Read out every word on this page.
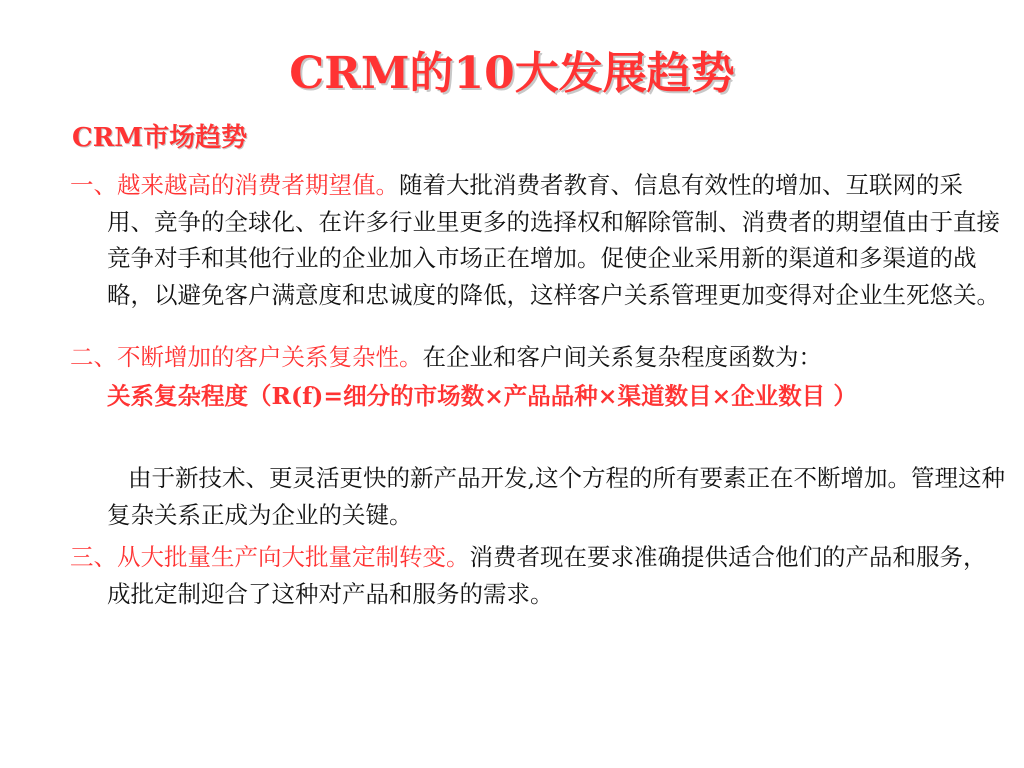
CRM的10大发展趋势
CRM市场趋势

一、越来越高的消费者期望值。随着大批消费者教育、信息有效性的增加、互联网的采用、竞争的全球化、在许多行业里更多的选择权和解除管制、消费者的期望值由于直接竞争对手和其他行业的企业加入市场正在增加。促使企业采用新的渠道和多渠道的战略，以避免客户满意度和忠诚度的降低，这样客户关系管理更加变得对企业生死悠关。

二、不断增加的客户关系复杂性。在企业和客户间关系复杂程度函数为：

关系复杂程度（R(f)=细分的市场数×产品品种×渠道数目×企业数目 ）

由于新技术、更灵活更快的新产品开发,这个方程的所有要素正在不断增加。管理这种复杂关系正成为企业的关键。

三、从大批量生产向大批量定制转变。消费者现在要求准确提供适合他们的产品和服务，成批定制迎合了这种对产品和服务的需求。
